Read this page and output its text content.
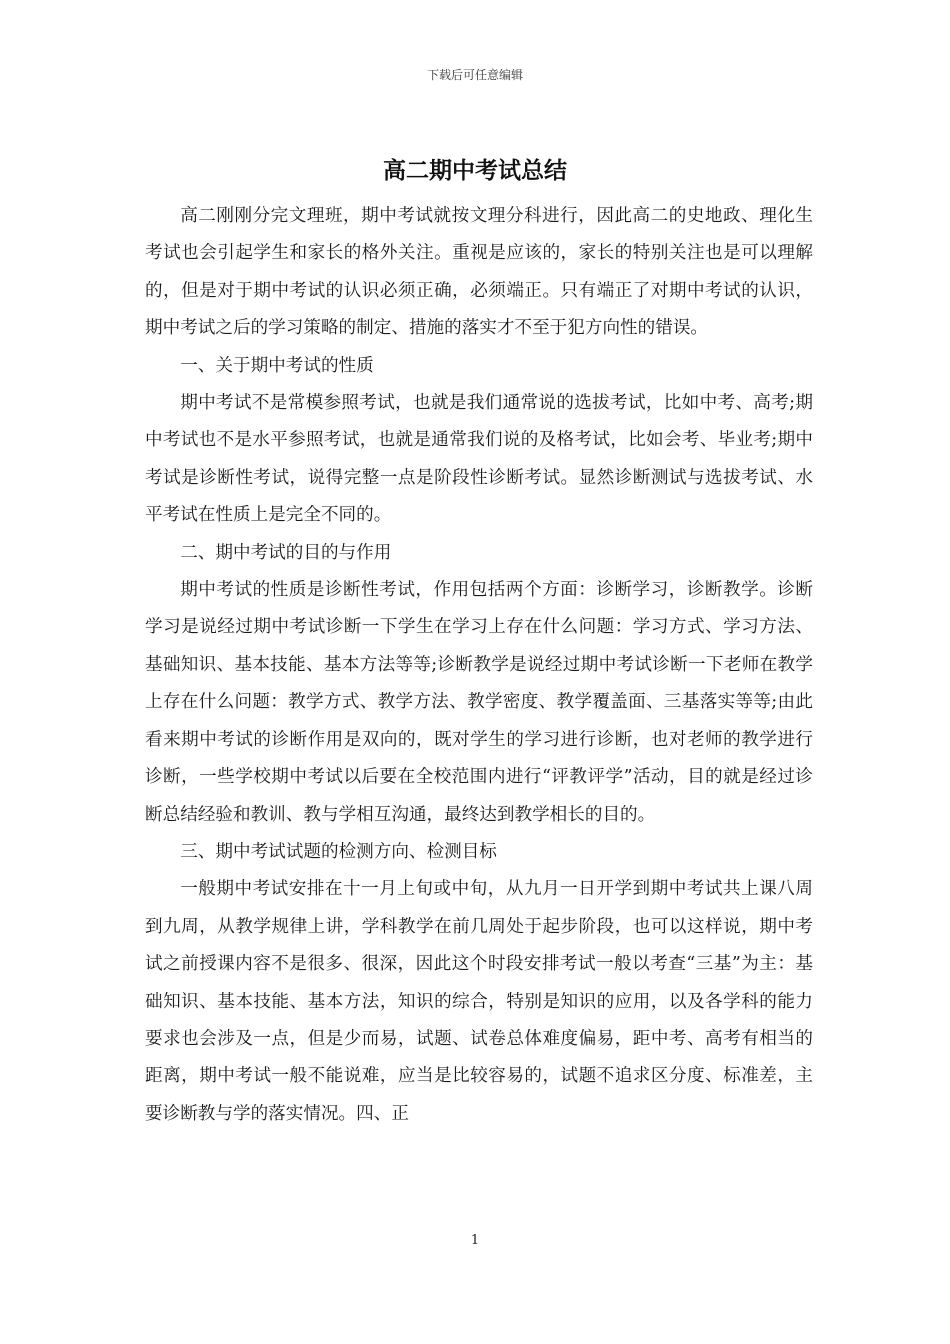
下载后可任意编辑
高二期中考试总结

高二刚刚分完文理班，期中考试就按文理分科进行，因此高二的史地政、理化生考试也会引起学生和家长的格外关注。重视是应该的，家长的特别关注也是可以理解的，但是对于期中考试的认识必须正确，必须端正。只有端正了对期中考试的认识，期中考试之后的学习策略的制定、措施的落实才不至于犯方向性的错误。

一、关于期中考试的性质

期中考试不是常模参照考试，也就是我们通常说的选拔考试，比如中考、高考;期中考试也不是水平参照考试，也就是通常我们说的及格考试，比如会考、毕业考;期中考试是诊断性考试，说得完整一点是阶段性诊断考试。显然诊断测试与选拔考试、水平考试在性质上是完全不同的。

二、期中考试的目的与作用

期中考试的性质是诊断性考试，作用包括两个方面：诊断学习，诊断教学。诊断学习是说经过期中考试诊断一下学生在学习上存在什么问题：学习方式、学习方法、基础知识、基本技能、基本方法等等;诊断教学是说经过期中考试诊断一下老师在教学上存在什么问题：教学方式、教学方法、教学密度、教学覆盖面、三基落实等等;由此看来期中考试的诊断作用是双向的，既对学生的学习进行诊断，也对老师的教学进行诊断，一些学校期中考试以后要在全校范围内进行“评教评学”活动，目的就是经过诊断总结经验和教训、教与学相互沟通，最终达到教学相长的目的。

三、期中考试试题的检测方向、检测目标

一般期中考试安排在十一月上旬或中旬，从九月一日开学到期中考试共上课八周到九周，从教学规律上讲，学科教学在前几周处于起步阶段，也可以这样说，期中考试之前授课内容不是很多、很深，因此这个时段安排考试一般以考查“三基”为主：基础知识、基本技能、基本方法，知识的综合，特别是知识的应用，以及各学科的能力要求也会涉及一点，但是少而易，试题、试卷总体难度偏易，距中考、高考有相当的距离，期中考试一般不能说难，应当是比较容易的，试题不追求区分度、标准差，主要诊断教与学的落实情况。四、正

1
